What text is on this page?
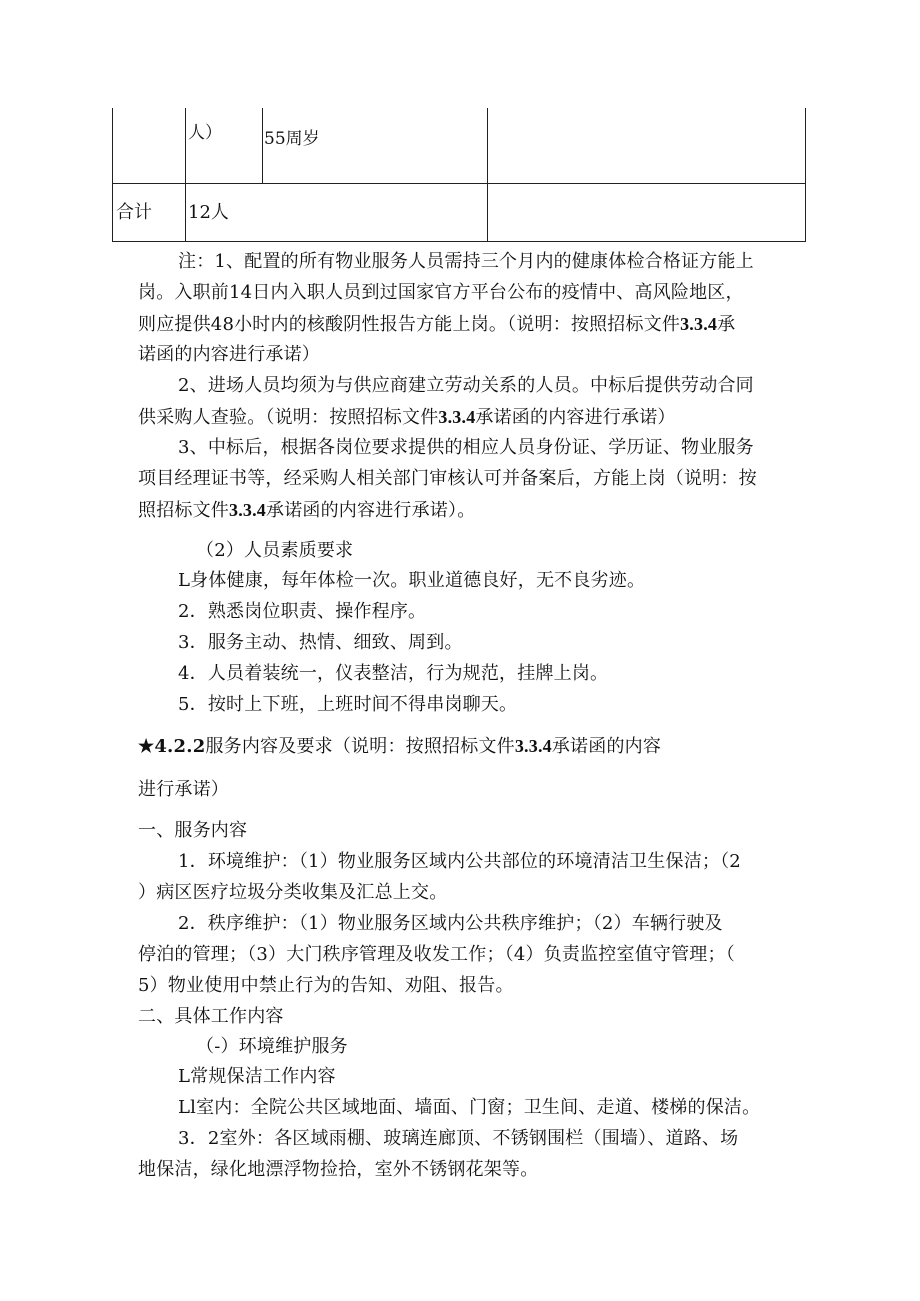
人） 55周岁
合计 12人
注：1、配置的所有物业服务人员需持三个月内的健康体检合格证方能上
岗。入职前14日内入职人员到过国家官方平台公布的疫情中、高风险地区，
则应提供48小时内的核酸阴性报告方能上岗。（说明：按照招标文件3.3.4承
诺函的内容进行承诺）
2、进场人员均须为与供应商建立劳动关系的人员。中标后提供劳动合同
供采购人查验。（说明：按照招标文件3.3.4承诺函的内容进行承诺）
3、中标后，根据各岗位要求提供的相应人员身份证、学历证、物业服务
项目经理证书等，经采购人相关部门审核认可并备案后，方能上岗（说明：按
照招标文件3.3.4承诺函的内容进行承诺）。
（2）人员素质要求
L身体健康，每年体检一次。职业道德良好，无不良劣迹。
2．熟悉岗位职责、操作程序。
3．服务主动、热情、细致、周到。
4．人员着装统一，仪表整洁，行为规范，挂牌上岗。
5．按时上下班，上班时间不得串岗聊天。
★4.2.2服务内容及要求（说明：按照招标文件3.3.4承诺函的内容
进行承诺）
一、服务内容
1．环境维护：（1）物业服务区域内公共部位的环境清洁卫生保洁；（2
）病区医疗垃圾分类收集及汇总上交。
2．秩序维护：（1）物业服务区域内公共秩序维护；（2）车辆行驶及
停泊的管理；（3）大门秩序管理及收发工作；（4）负责监控室值守管理；（
5）物业使用中禁止行为的告知、劝阻、报告。
二、具体工作内容
（-）环境维护服务
L常规保洁工作内容
Ll室内：全院公共区域地面、墙面、门窗；卫生间、走道、楼梯的保洁。
3．2室外：各区域雨棚、玻璃连廊顶、不锈钢围栏（围墙）、道路、场
地保洁，绿化地漂浮物捡拾，室外不锈钢花架等。
